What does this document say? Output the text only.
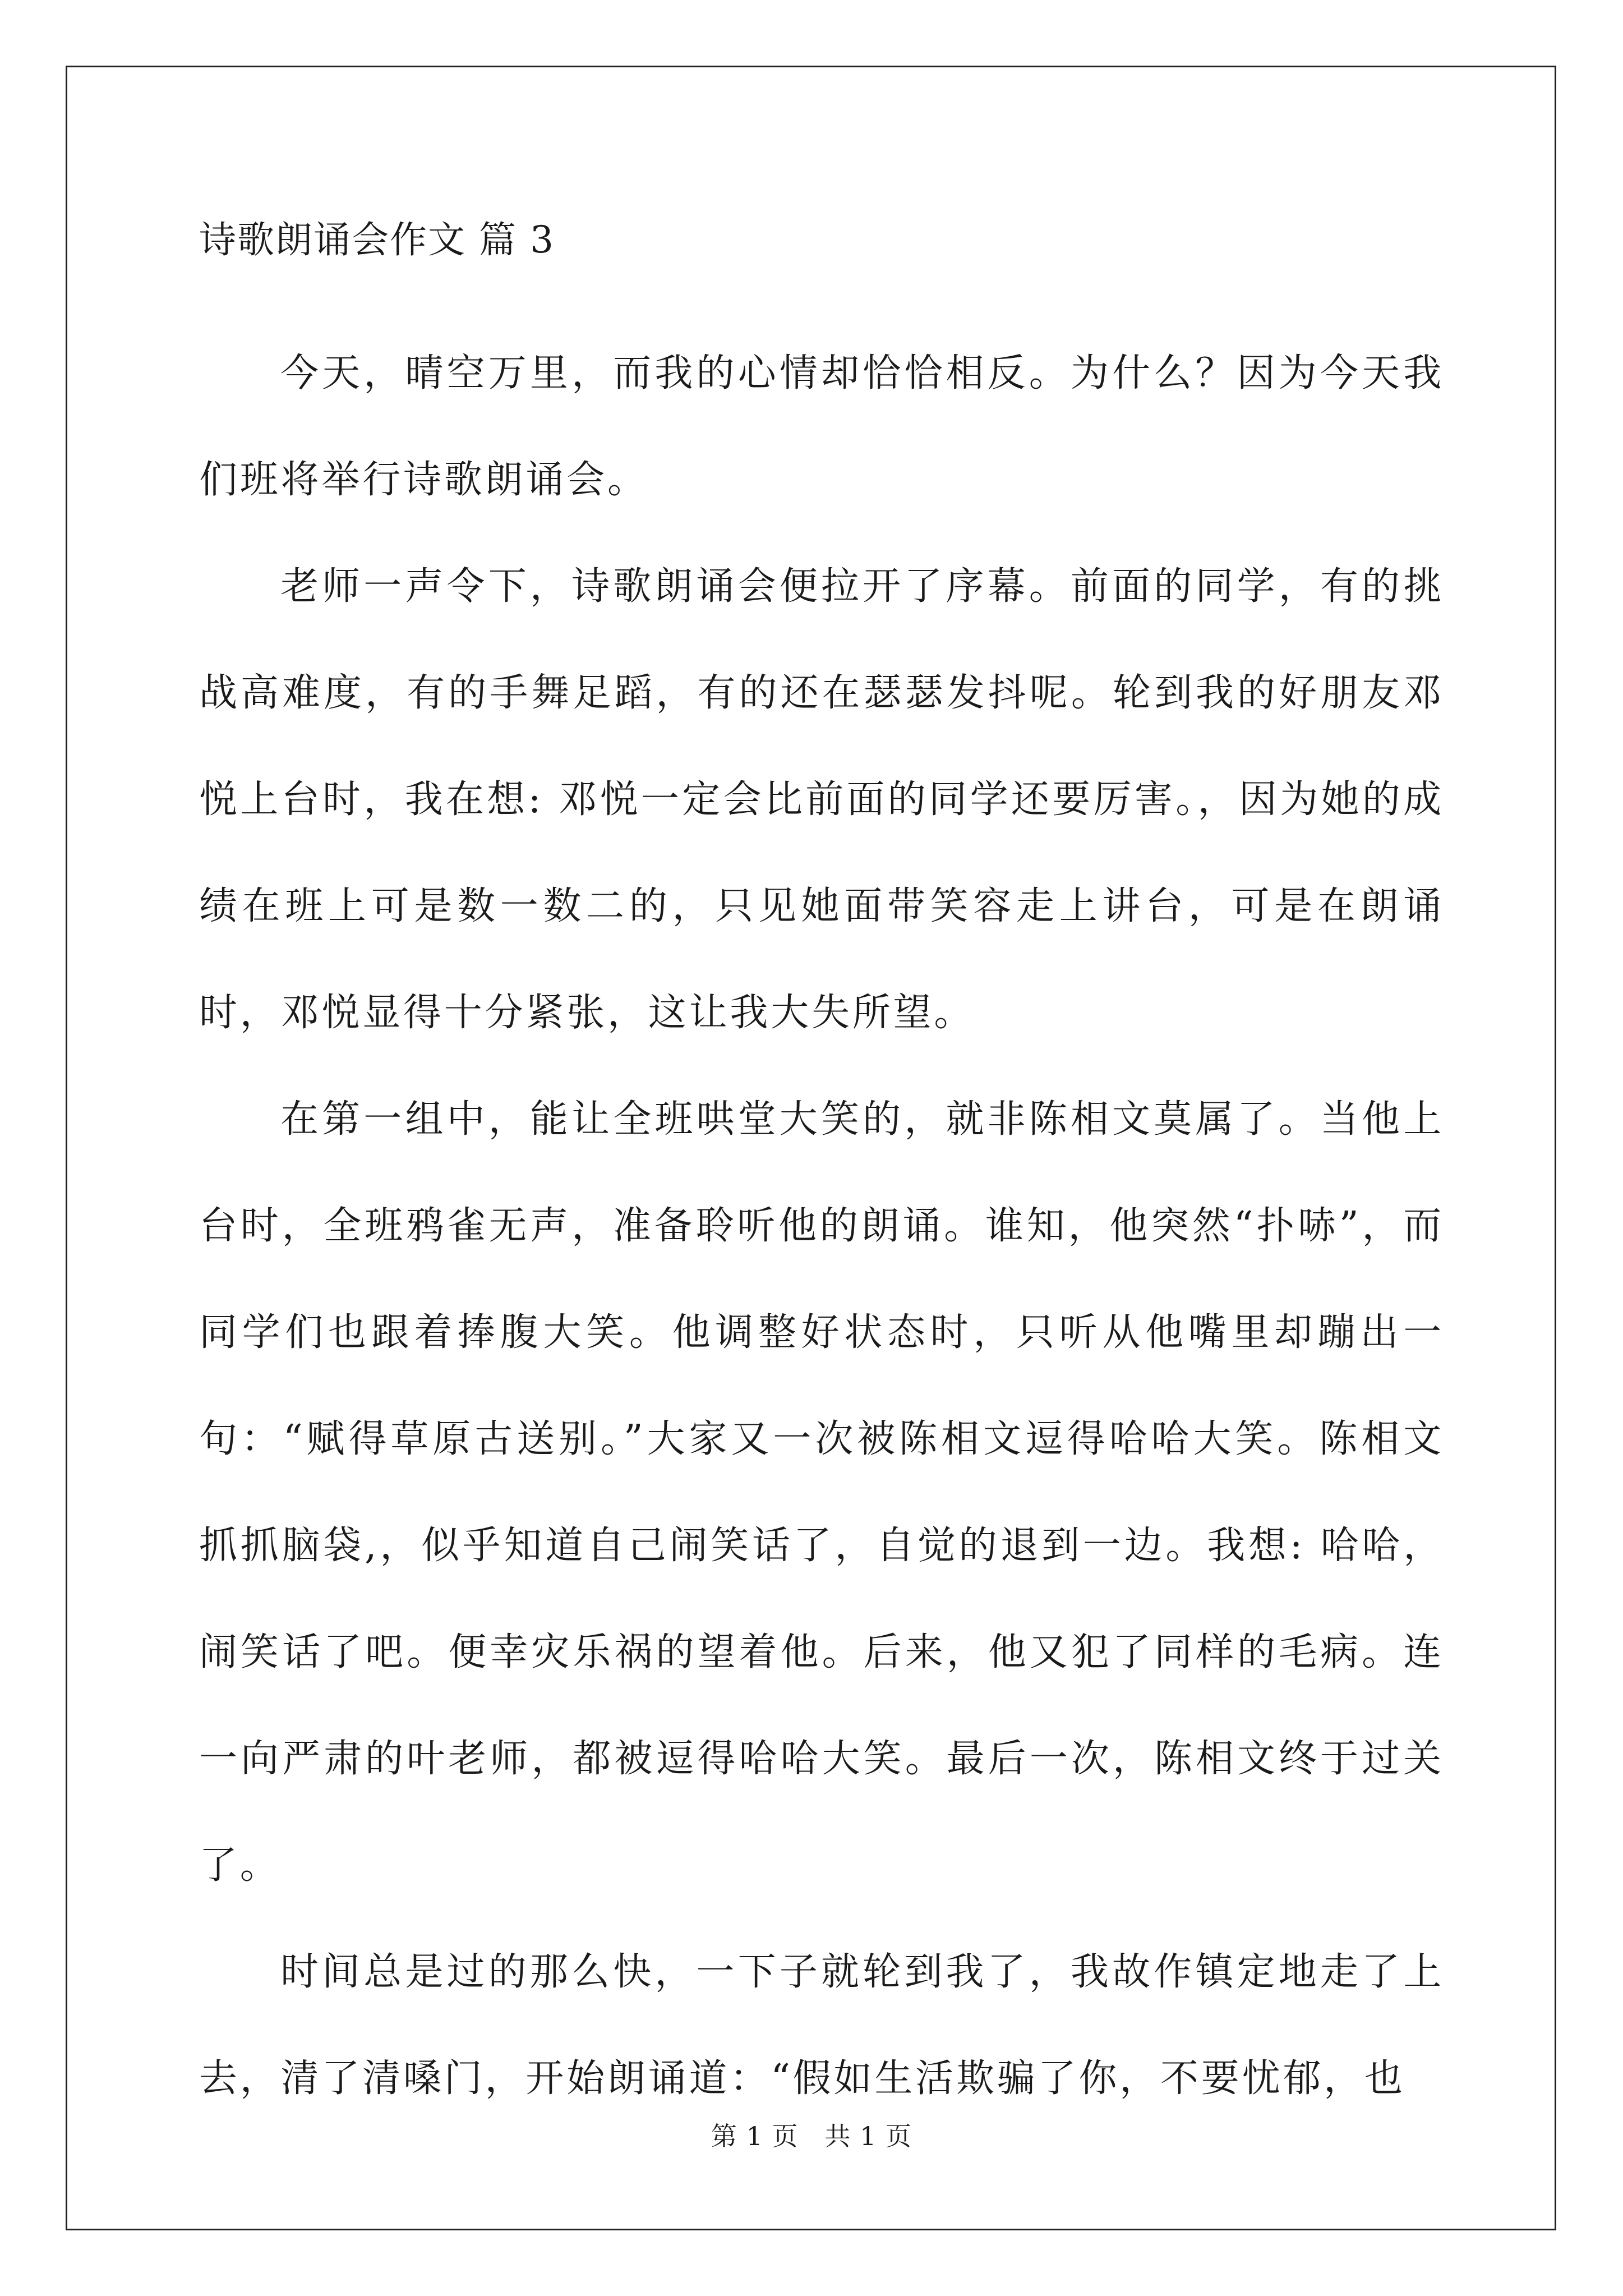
诗歌朗诵会作文 篇 3

今天，晴空万里，而我的心情却恰恰相反。为什么？因为今天我们班将举行诗歌朗诵会。

老师一声令下，诗歌朗诵会便拉开了序幕。前面的同学，有的挑战高难度，有的手舞足蹈，有的还在瑟瑟发抖呢。轮到我的好朋友邓悦上台时，我在想: 邓悦一定会比前面的同学还要厉害。，因为她的成绩在班上可是数一数二的，只见她面带笑容走上讲台，可是在朗诵时，邓悦显得十分紧张，这让我大失所望。

在第一组中，能让全班哄堂大笑的，就非陈相文莫属了。当他上台时，全班鸦雀无声，准备聆听他的朗诵。谁知，他突然“扑哧”，而同学们也跟着捧腹大笑。他调整好状态时，只听从他嘴里却蹦出一句：“赋得草原古送别。”大家又一次被陈相文逗得哈哈大笑。陈相文抓抓脑袋,，似乎知道自己闹笑话了，自觉的退到一边。我想: 哈哈，闹笑话了吧。便幸灾乐祸的望着他。后来，他又犯了同样的毛病。连一向严肃的叶老师，都被逗得哈哈大笑。最后一次，陈相文终于过关了。

时间总是过的那么快，一下子就轮到我了，我故作镇定地走了上去，清了清嗓门，开始朗诵道：“假如生活欺骗了你，不要忧郁，也

第 1 页　共 1 页
